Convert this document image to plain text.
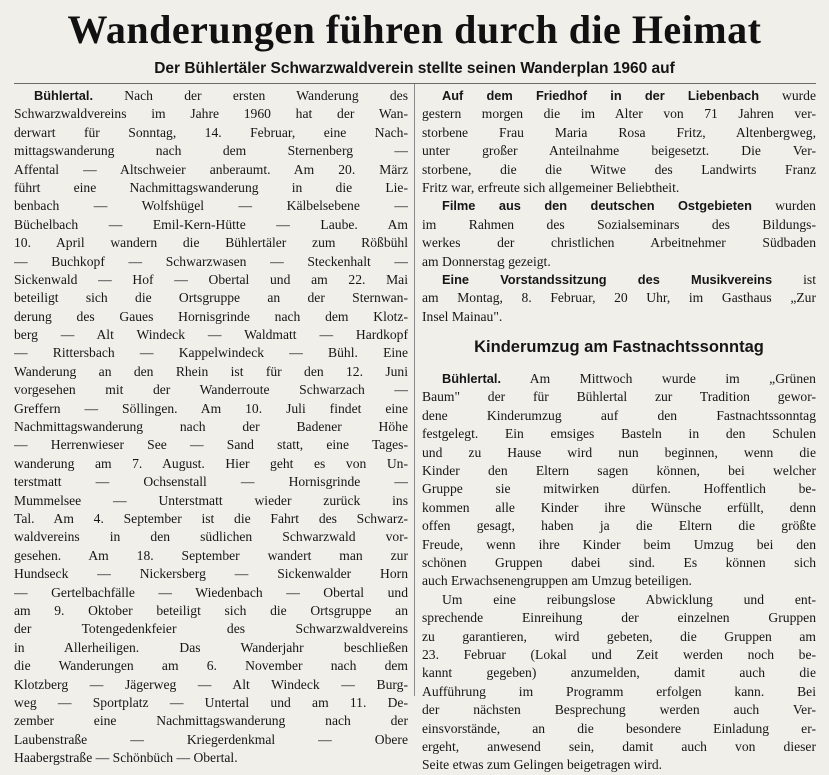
Wanderungen führen durch die Heimat
Der Bühlertäler Schwarzwaldverein stellte seinen Wanderplan 1960 auf
Bühlertal. Nach der ersten Wanderung des
Schwarzwaldvereins im Jahre 1960 hat der Wan-
derwart für Sonntag, 14. Februar, eine Nach-
mittagswanderung nach dem Sternenberg —
Affental — Altschweier anberaumt. Am 20. März
führt eine Nachmittagswanderung in die Lie-
benbach — Wolfshügel — Kälbelsebene —
Büchelbach — Emil-Kern-Hütte — Laube. Am
10. April wandern die Bühlertäler zum Rößbühl
— Buchkopf — Schwarzwasen — Steckenhalt —
Sickenwald — Hof — Obertal und am 22. Mai
beteiligt sich die Ortsgruppe an der Sternwan-
derung des Gaues Hornisgrinde nach dem Klotz-
berg — Alt Windeck — Waldmatt — Hardkopf
— Rittersbach — Kappelwindeck — Bühl. Eine
Wanderung an den Rhein ist für den 12. Juni
vorgesehen mit der Wanderroute Schwarzach —
Greffern — Söllingen. Am 10. Juli findet eine
Nachmittagswanderung nach der Badener Höhe
— Herrenwieser See — Sand statt, eine Tages-
wanderung am 7. August. Hier geht es von Un-
terstmatt — Ochsenstall — Hornisgrinde —
Mummelsee — Unterstmatt wieder zurück ins
Tal. Am 4. September ist die Fahrt des Schwarz-
waldvereins in den südlichen Schwarzwald vor-
gesehen. Am 18. September wandert man zur
Hundseck — Nickersberg — Sickenwalder Horn
— Gertelbachfälle — Wiedenbach — Obertal und
am 9. Oktober beteiligt sich die Ortsgruppe an
der Totengedenkfeier des Schwarzwaldvereins
in Allerheiligen. Das Wanderjahr beschließen
die Wanderungen am 6. November nach dem
Klotzberg — Jägerweg — Alt Windeck — Burg-
weg — Sportplatz — Untertal und am 11. De-
zember eine Nachmittagswanderung nach der
Laubenstraße — Kriegerdenkmal — Obere
Haabergstraße — Schönbüch — Obertal.
Auf dem Friedhof in der Liebenbach wurde
gestern morgen die im Alter von 71 Jahren ver-
storbene Frau Maria Rosa Fritz, Altenbergweg,
unter großer Anteilnahme beigesetzt. Die Ver-
storbene, die die Witwe des Landwirts Franz
Fritz war, erfreute sich allgemeiner Beliebtheit.
Filme aus den deutschen Ostgebieten wurden
im Rahmen des Sozialseminars des Bildungs-
werkes der christlichen Arbeitnehmer Südbaden
am Donnerstag gezeigt.
Eine Vorstandssitzung des Musikvereins ist
am Montag, 8. Februar, 20 Uhr, im Gasthaus „Zur
Insel Mainau".
Kinderumzug am Fastnachtssonntag
Bühlertal. Am Mittwoch wurde im „Grünen
Baum" der für Bühlertal zur Tradition gewor-
dene Kinderumzug auf den Fastnachtssonntag
festgelegt. Ein emsiges Basteln in den Schulen
und zu Hause wird nun beginnen, wenn die
Kinder den Eltern sagen können, bei welcher
Gruppe sie mitwirken dürfen. Hoffentlich be-
kommen alle Kinder ihre Wünsche erfüllt, denn
offen gesagt, haben ja die Eltern die größte
Freude, wenn ihre Kinder beim Umzug bei den
schönen Gruppen dabei sind. Es können sich
auch Erwachsenengruppen am Umzug beteiligen.
Um eine reibungslose Abwicklung und ent-
sprechende Einreihung der einzelnen Gruppen
zu garantieren, wird gebeten, die Gruppen am
23. Februar (Lokal und Zeit werden noch be-
kannt gegeben) anzumelden, damit auch die
Aufführung im Programm erfolgen kann. Bei
der nächsten Besprechung werden auch Ver-
einsvorstände, an die besondere Einladung er-
ergeht, anwesend sein, damit auch von dieser
Seite etwas zum Gelingen beigetragen wird.
